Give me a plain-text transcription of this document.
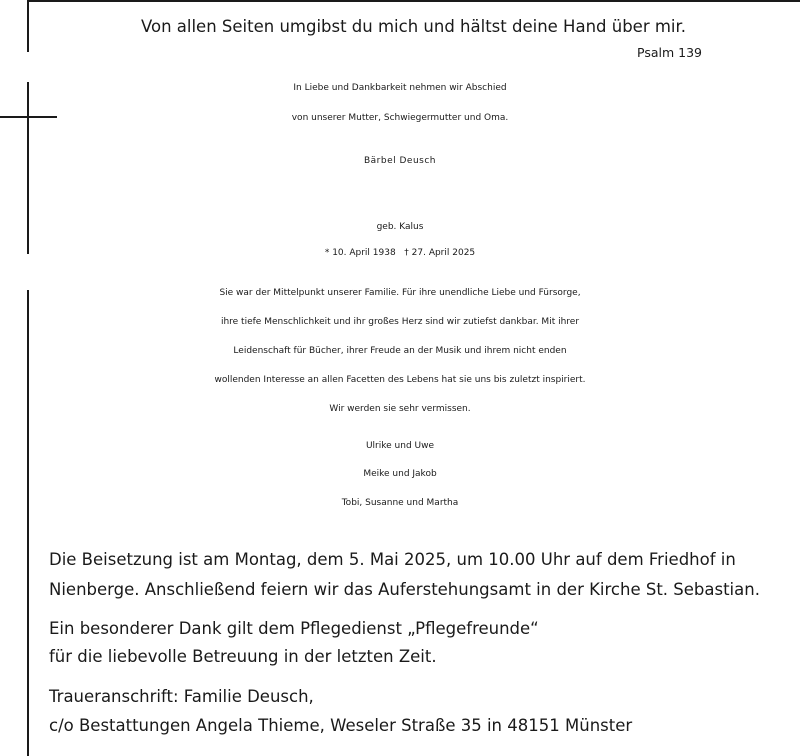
Von allen Seiten umgibst du mich und hältst deine Hand über mir.
Psalm 139
In Liebe und Dankbarkeit nehmen wir Abschied
von unserer Mutter, Schwiegermutter und Oma.
Bärbel Deusch
geb. Kalus
* 10. April 1938   † 27. April 2025
Sie war der Mittelpunkt unserer Familie. Für ihre unendliche Liebe und Fürsorge,
ihre tiefe Menschlichkeit und ihr großes Herz sind wir zutiefst dankbar. Mit ihrer
Leidenschaft für Bücher, ihrer Freude an der Musik und ihrem nicht enden
wollenden Interesse an allen Facetten des Lebens hat sie uns bis zuletzt inspiriert.
Wir werden sie sehr vermissen.
Ulrike und Uwe
Meike und Jakob
Tobi, Susanne und Martha
Die Beisetzung ist am Montag, dem 5. Mai 2025, um 10.00 Uhr auf dem Friedhof in
Nienberge. Anschließend feiern wir das Auferstehungsamt in der Kirche St. Sebastian.
Ein besonderer Dank gilt dem Pflegedienst „Pflegefreunde“
für die liebevolle Betreuung in der letzten Zeit.
Traueranschrift: Familie Deusch,
c/o Bestattungen Angela Thieme, Weseler Straße 35 in 48151 Münster
